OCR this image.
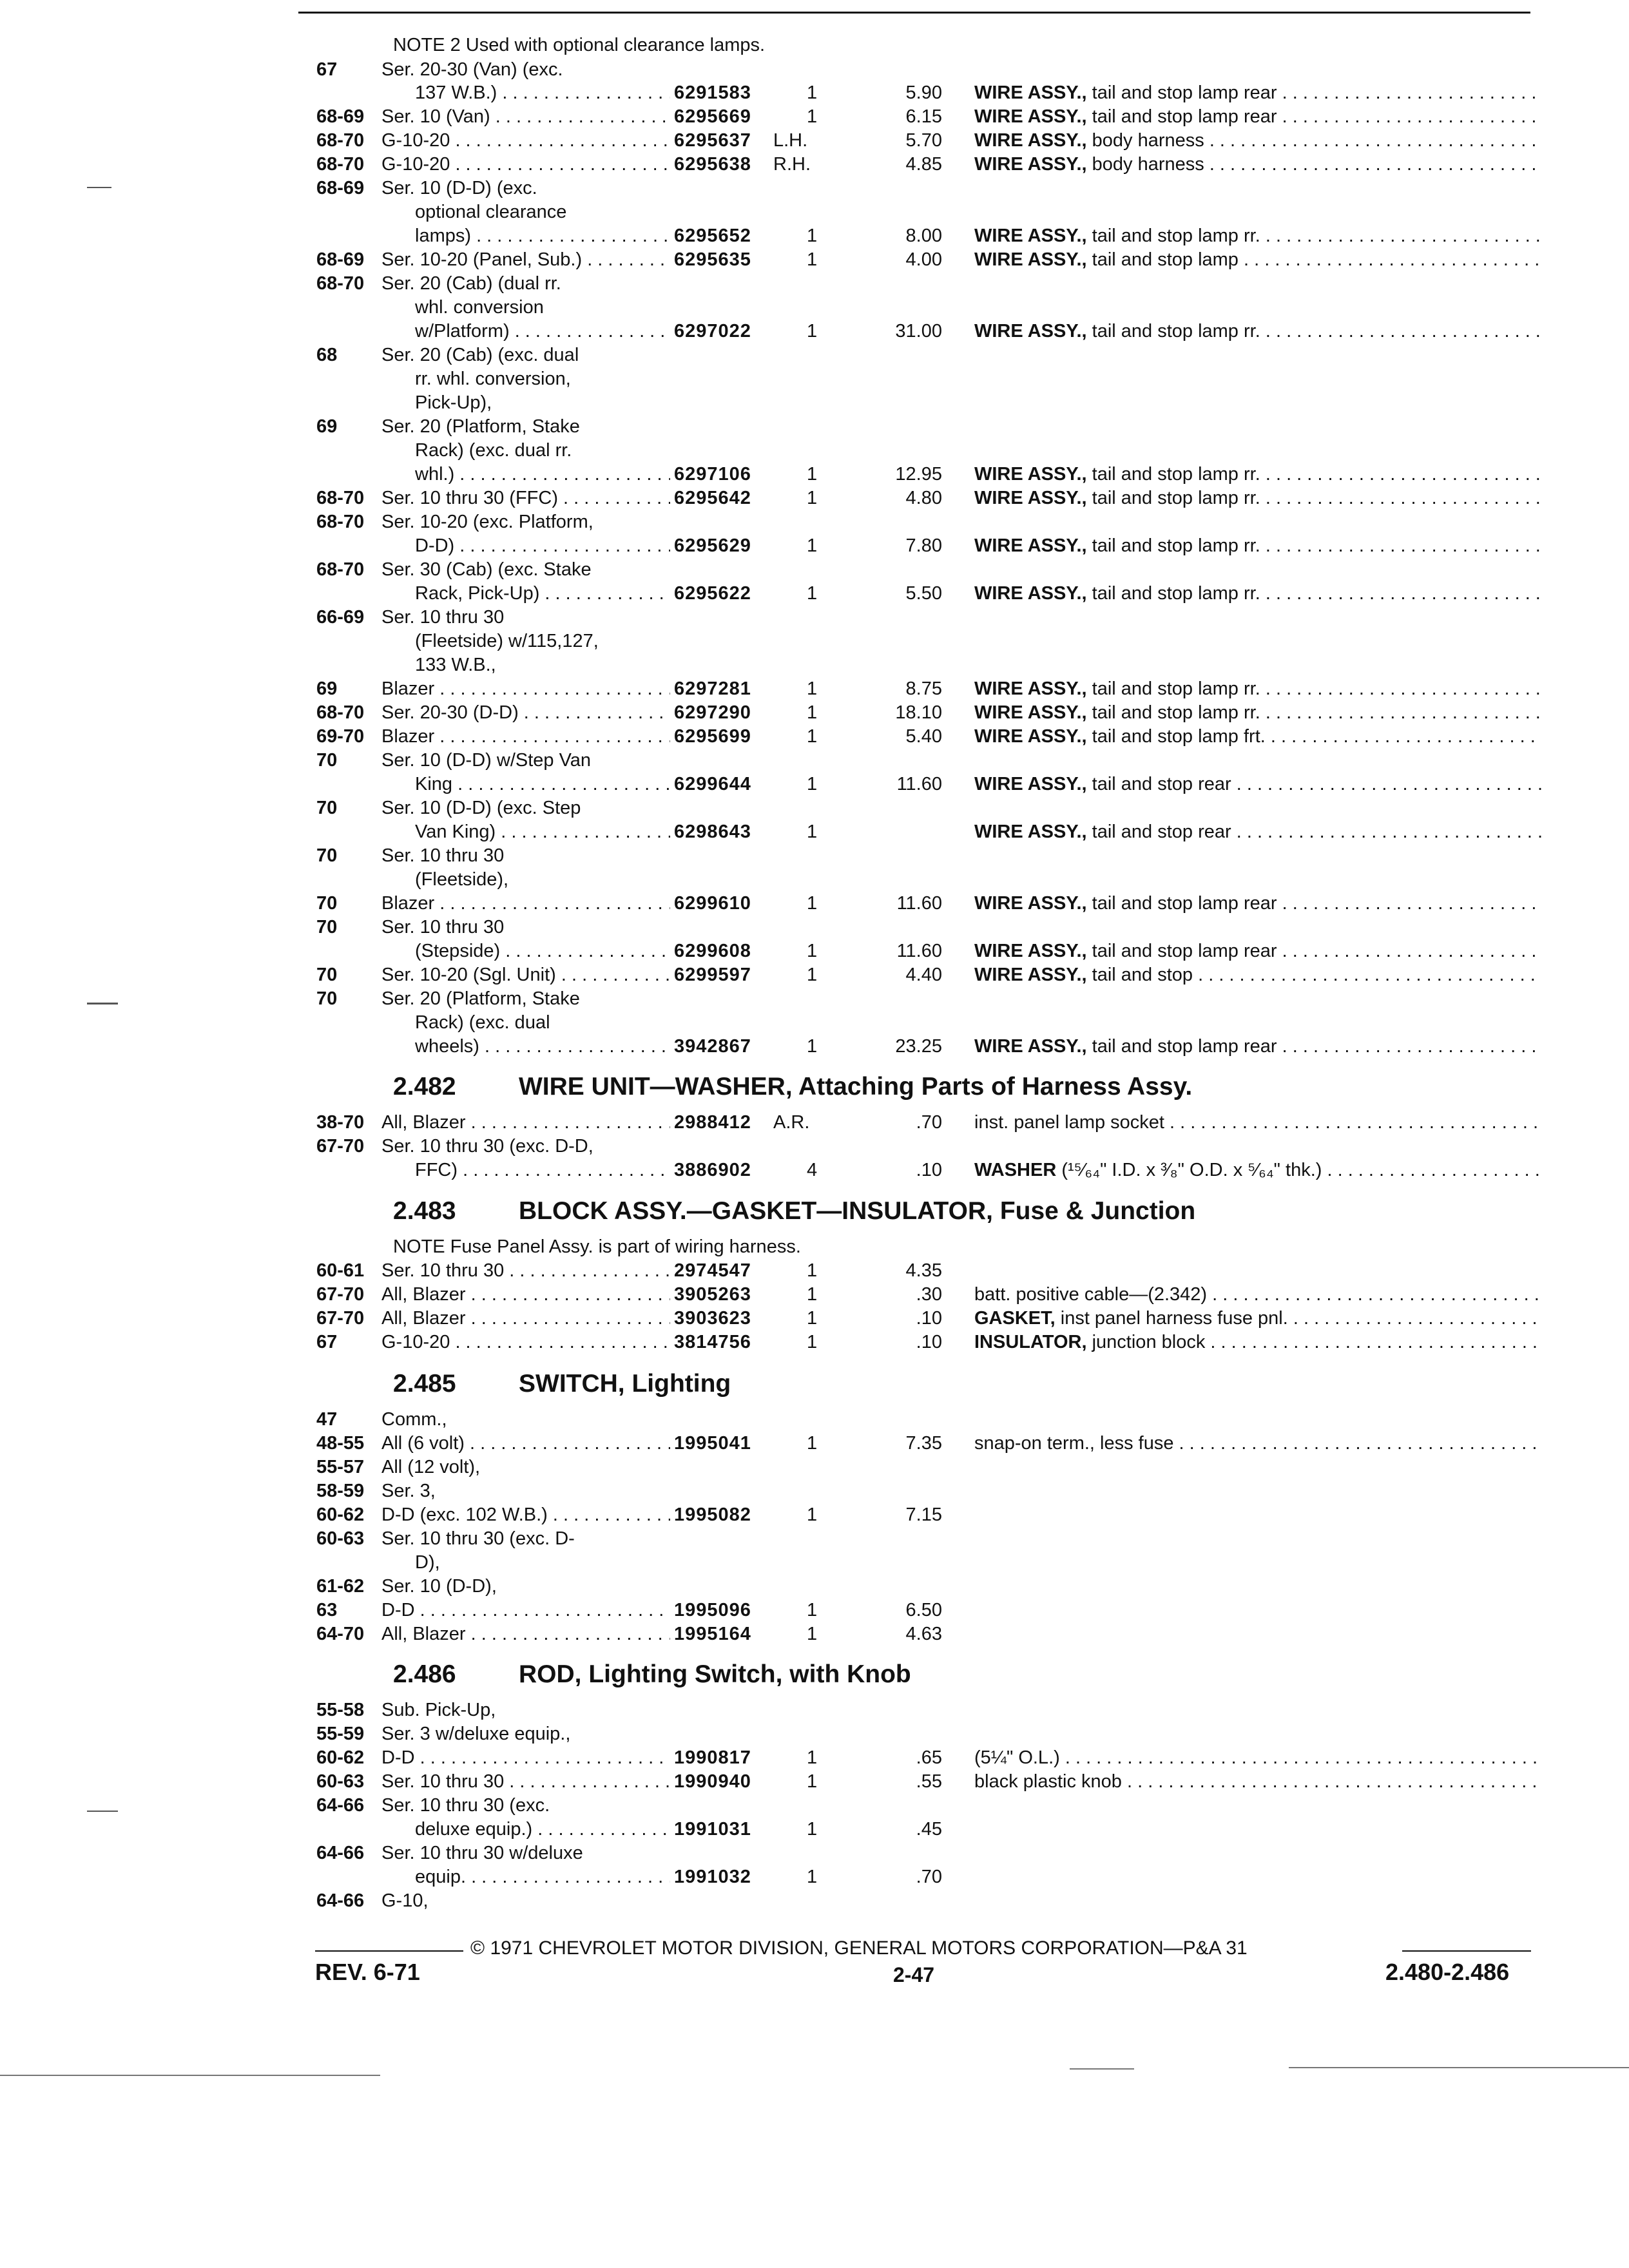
NOTE 2 Used with optional clearance lamps.
67 Ser. 20-30 (Van) (exc.
137 W.B.) . . .	6291583	1	5.90 WIRE ASSY., tail and stop lamp rear . . .
68-69 Ser. 10 (Van) . . .	6295669	1	6.15 WIRE ASSY., tail and stop lamp rear . . .
68-70 G-10-20 . . .	6295637 L.H.	5.70 WIRE ASSY., body harness . . .
68-70 G-10-20 . . .	6295638 R.H.	4.85 WIRE ASSY., body harness . . .
68-69 Ser. 10 (D-D) (exc.
optional clearance
lamps) . . .	6295652	1	8.00 WIRE ASSY., tail and stop lamp rr. . . .
68-69 Ser. 10-20 (Panel, Sub.) . . .	6295635	1	4.00 WIRE ASSY., tail and stop lamp . . .
68-70 Ser. 20 (Cab) (dual rr.
whl. conversion
w/Platform) . . .	6297022	1	31.00 WIRE ASSY., tail and stop lamp rr. . . .
68 Ser. 20 (Cab) (exc. dual
rr. whl. conversion,
Pick-Up),
69 Ser. 20 (Platform, Stake
Rack) (exc. dual rr.
whl.) . . .	6297106	1	12.95 WIRE ASSY., tail and stop lamp rr. . . .
68-70 Ser. 10 thru 30 (FFC) . . .	6295642	1	4.80 WIRE ASSY., tail and stop lamp rr. . . .
68-70 Ser. 10-20 (exc. Platform,
D-D) . . .	6295629	1	7.80 WIRE ASSY., tail and stop lamp rr. . . .
68-70 Ser. 30 (Cab) (exc. Stake
Rack, Pick-Up) . . .	6295622	1	5.50 WIRE ASSY., tail and stop lamp rr. . . .
66-69 Ser. 10 thru 30
(Fleetside) w/115,127,
133 W.B.,
69 Blazer . . .	6297281	1	8.75 WIRE ASSY., tail and stop lamp rr. . . .
68-70 Ser. 20-30 (D-D) . . .	6297290	1	18.10 WIRE ASSY., tail and stop lamp rr. . . .
69-70 Blazer . . .	6295699	1	5.40 WIRE ASSY., tail and stop lamp frt. . . .
70 Ser. 10 (D-D) w/Step Van
King . . .	6299644	1	11.60 WIRE ASSY., tail and stop rear . . .
70 Ser. 10 (D-D) (exc. Step
Van King) . . .	6298643	1	WIRE ASSY., tail and stop rear . . .
70 Ser. 10 thru 30
(Fleetside),
70 Blazer . . .	6299610	1	11.60 WIRE ASSY., tail and stop lamp rear . . .
70 Ser. 10 thru 30
(Stepside) . . .	6299608	1	11.60 WIRE ASSY., tail and stop lamp rear . . .
70 Ser. 10-20 (Sgl. Unit) . . .	6299597	1	4.40 WIRE ASSY., tail and stop . . .
70 Ser. 20 (Platform, Stake
Rack) (exc. dual
wheels) . . .	3942867	1	23.25 WIRE ASSY., tail and stop lamp rear . . .
2.482 WIRE UNIT—WASHER, Attaching Parts of Harness Assy.
38-70 All, Blazer . . .	2988412 A.R.	.70 inst. panel lamp socket . . .
67-70 Ser. 10 thru 30 (exc. D-D,
FFC) . . .	3886902	4	.10 WASHER (¹⁵⁄₆₄" I.D. x ³⁄₈" O.D. x ⁵⁄₆₄" thk.) . . .
2.483 BLOCK ASSY.—GASKET—INSULATOR, Fuse & Junction
NOTE Fuse Panel Assy. is part of wiring harness.
60-61 Ser. 10 thru 30 . . .	2974547	1	4.35
67-70 All, Blazer . . .	3905263	1	.30 batt. positive cable—(2.342) . . .
67-70 All, Blazer . . .	3903623	1	.10 GASKET, inst panel harness fuse pnl. . . .
67 G-10-20 . . .	3814756	1	.10 INSULATOR, junction block . . .
2.485 SWITCH, Lighting
47 Comm.,
48-55 All (6 volt) . . .	1995041	1	7.35 snap-on term., less fuse . . .
55-57 All (12 volt),
58-59 Ser. 3,
60-62 D-D (exc. 102 W.B.) . . .	1995082	1	7.15
60-63 Ser. 10 thru 30 (exc. D-
D),
61-62 Ser. 10 (D-D),
63 D-D . . .	1995096	1	6.50
64-70 All, Blazer . . .	1995164	1	4.63
2.486 ROD, Lighting Switch, with Knob
55-58 Sub. Pick-Up,
55-59 Ser. 3 w/deluxe equip.,
60-62 D-D . . .	1990817	1	.65 (5¼" O.L.) . . .
60-63 Ser. 10 thru 30 . . .	1990940	1	.55 black plastic knob . . .
64-66 Ser. 10 thru 30 (exc.
deluxe equip.) . . .	1991031	1	.45
64-66 Ser. 10 thru 30 w/deluxe
equip. . . .	1991032	1	.70
64-66 G-10,
© 1971 CHEVROLET MOTOR DIVISION, GENERAL MOTORS CORPORATION—P&A 31
REV. 6-71	2-47	2.480-2.486
